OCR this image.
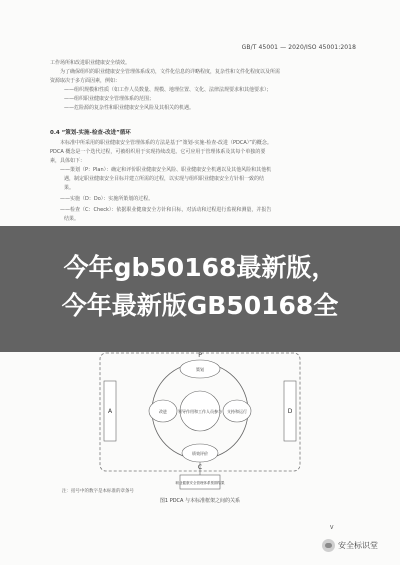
GB/T 45001 — 2020/ISO 45001:2018
工作场所和改进职业健康安全绩效。
为了确保组织的职业健康安全管理体系成功，文件化信息的详略程度，复杂性和文件化程度以及所需
资源取决于多方面因素，例如：
——组织规模和性质（如工作人员数量、规模、地理位置、文化、法律法规要求和其他要求）；
——组织职业健康安全管理体系的范围；
——危险源的复杂性和职业健康安全风险及其相关的机遇。
0.4 “策划-实施-检查-改进”循环
本标准中所采用的职业健康安全管理体系的方法是基于“策划-实施-检查-改进（PDCA）”的概念。
PDCA 概念是一个迭代过程，可被组织用于实现持续改进。它可应用于管理体系及其每个单独的要
素，具体如下：
——策划（P：Plan）：确定和评价职业健康安全风险、职业健康安全机遇以及其他风险和其他机
遇，制定职业健康安全目标并建立所需的过程，以实现与组织职业健康安全方针相一致的结
果。
——实施（D：Do）：实施所策划的过程。
——检查（C：Check）：依据职业健康安全方针和目标，对活动和过程进行监视和测量，并报告
结果。
A	D
P
C
领导作用和工作人员参与
策划
改进	支持和运行
绩效评价
职业健康安全管理体系预期结果
注：括号中的数字是本标准的章条号
图1 PDCA 与本标准框架之间的关系
V
今年gb50168最新版，
今年最新版GB50168全
安全标识堂
